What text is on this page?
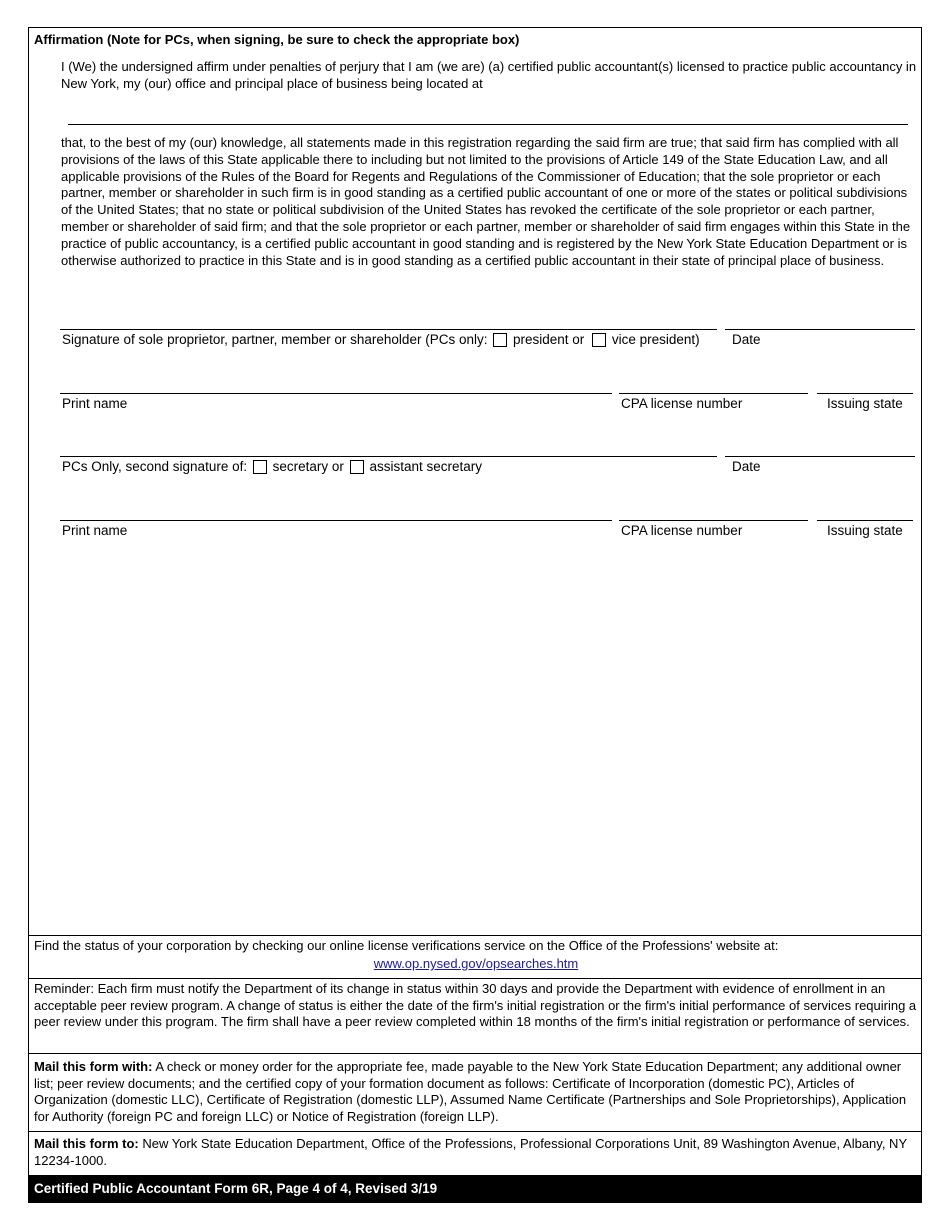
Affirmation (Note for PCs, when signing, be sure to check the appropriate box)
I (We) the undersigned affirm under penalties of perjury that I am (we are) (a) certified public accountant(s) licensed to practice public accountancy in New York, my (our) office and principal place of business being located at
that, to the best of my (our) knowledge, all statements made in this registration regarding the said firm are true; that said firm has complied with all provisions of the laws of this State applicable there to including but not limited to the provisions of Article 149 of the State Education Law, and all applicable provisions of the Rules of the Board for Regents and Regulations of the Commissioner of Education; that the sole proprietor or each partner, member or shareholder in such firm is in good standing as a certified public accountant of one or more of the states or political subdivisions of the United States; that no state or political subdivision of the United States has revoked the certificate of the sole proprietor or each partner, member or shareholder of said firm; and that the sole proprietor or each partner, member or shareholder of said firm engages within this State in the practice of public accountancy, is a certified public accountant in good standing and is registered by the New York State Education Department or is otherwise authorized to practice in this State and is in good standing as a certified public accountant in their state of principal place of business.
Signature of sole proprietor, partner, member or shareholder (PCs only: president or vice president) Date
Print name	CPA license number	Issuing state
PCs Only, second signature of: secretary or assistant secretary	Date
Print name	CPA license number	Issuing state
Find the status of your corporation by checking our online license verifications service on the Office of the Professions' website at:
www.op.nysed.gov/opsearches.htm
Reminder: Each firm must notify the Department of its change in status within 30 days and provide the Department with evidence of enrollment in an acceptable peer review program. A change of status is either the date of the firm's initial registration or the firm's initial performance of services requiring a peer review under this program. The firm shall have a peer review completed within 18 months of the firm's initial registration or performance of services.
Mail this form with: A check or money order for the appropriate fee, made payable to the New York State Education Department; any additional owner list; peer review documents; and the certified copy of your formation document as follows: Certificate of Incorporation (domestic PC), Articles of Organization (domestic LLC), Certificate of Registration (domestic LLP), Assumed Name Certificate (Partnerships and Sole Proprietorships), Application for Authority (foreign PC and foreign LLC) or Notice of Registration (foreign LLP).
Mail this form to: New York State Education Department, Office of the Professions, Professional Corporations Unit, 89 Washington Avenue, Albany, NY 12234-1000.
Certified Public Accountant Form 6R, Page 4 of 4, Revised 3/19
